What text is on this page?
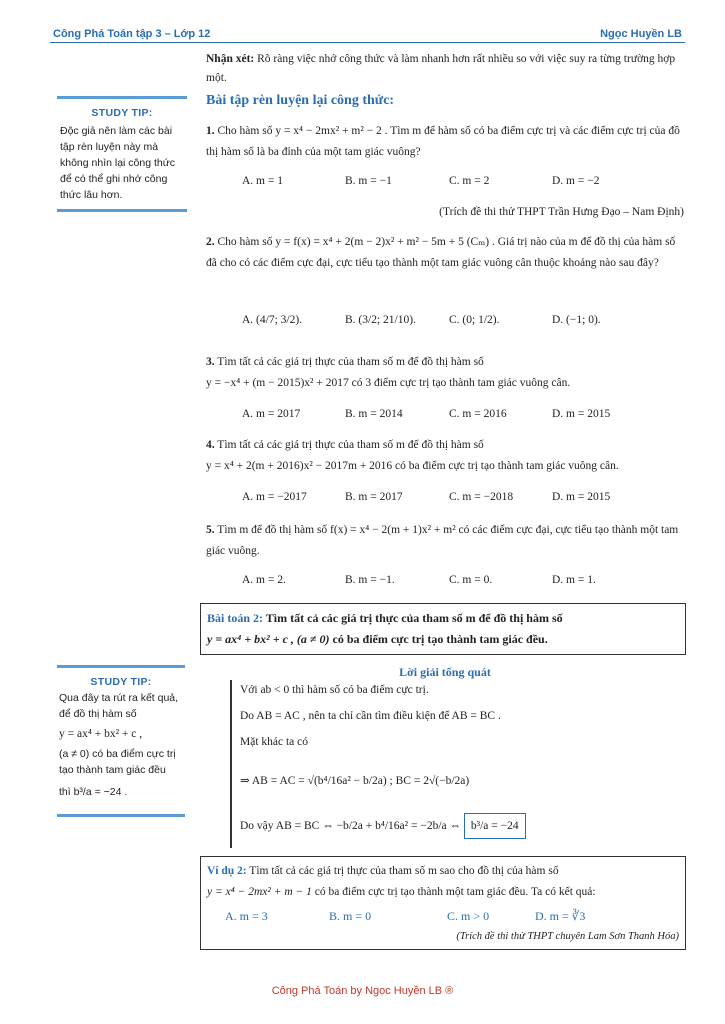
Công Phá Toán tập 3 – Lớp 12	Ngọc Huyền LB
Nhận xét: Rõ ràng việc nhớ công thức và làm nhanh hơn rất nhiều so với việc suy ra từng trường hợp một.
Bài tập rèn luyện lại công thức:
STUDY TIP:
Độc giả nên làm các bài tập rèn luyện này mà không nhìn lại công thức để có thể ghi nhớ công thức lâu hơn.
1. Cho hàm số y = x⁴ − 2mx² + m² − 2 . Tìm m để hàm số có ba điểm cực trị và các điểm cực trị của đồ thị hàm số là ba đỉnh của một tam giác vuông?
A. m = 1	B. m = −1	C. m = 2	D. m = −2
(Trích đề thi thử THPT Trần Hưng Đạo – Nam Định)
2. Cho hàm số y = f(x) = x⁴ + 2(m − 2)x² + m² − 5m + 5 (Cₘ) . Giá trị nào của m để đồ thị của hàm số đã cho có các điểm cực đại, cực tiểu tạo thành một tam giác vuông cân thuộc khoảng nào sau đây?
A. (4/7; 3/2).	B. (3/2; 21/10).	C. (0; 1/2).	D. (−1; 0).
3. Tìm tất cả các giá trị thực của tham số m để đồ thị hàm số
y = −x⁴ + (m − 2015)x² + 2017 có 3 điểm cực trị tạo thành tam giác vuông cân.
A. m = 2017	B. m = 2014	C. m = 2016	D. m = 2015
4. Tìm tất cả các giá trị thực của tham số m để đồ thị hàm số
y = x⁴ + 2(m + 2016)x² − 2017m + 2016 có ba điểm cực trị tạo thành tam giác vuông cân.
A. m = −2017	B. m = 2017	C. m = −2018	D. m = 2015
5. Tìm m để đồ thị hàm số f(x) = x⁴ − 2(m + 1)x² + m² có các điểm cực đại, cực tiểu tạo thành một tam giác vuông.
A. m = 2.	B. m = −1.	C. m = 0.	D. m = 1.
Bài toán 2: Tìm tất cả các giá trị thực của tham số m để đồ thị hàm số
y = ax⁴ + bx² + c , (a ≠ 0) có ba điểm cực trị tạo thành tam giác đều.
STUDY TIP:
Qua đây ta rút ra kết quả, để đồ thị hàm số
y = ax⁴ + bx² + c ,
(a ≠ 0) có ba điểm cực trị tạo thành tam giác đều
thì b³/a = −24 .
Lời giải tổng quát
Với ab < 0 thì hàm số có ba điểm cực trị.
Do AB = AC , nên ta chỉ cần tìm điều kiện để AB = BC .
Mặt khác ta có
⇒ AB = AC = √(b⁴/16a² − b/2a) ; BC = 2√(−b/2a)
Do vậy AB = BC ⇔ −b/2a + b⁴/16a² = −2b/a ⇔ b³/a = −24
Ví dụ 2: Tìm tất cả các giá trị thực của tham số m sao cho đồ thị của hàm số
y = x⁴ − 2mx² + m − 1 có ba điểm cực trị tạo thành một tam giác đều. Ta có kết quả:
A. m = 3	B. m = 0	C. m > 0	D. m = ∛3
(Trích đề thi thử THPT chuyên Lam Sơn Thanh Hóa)
Công Phá Toán by Ngọc Huyền LB ®
